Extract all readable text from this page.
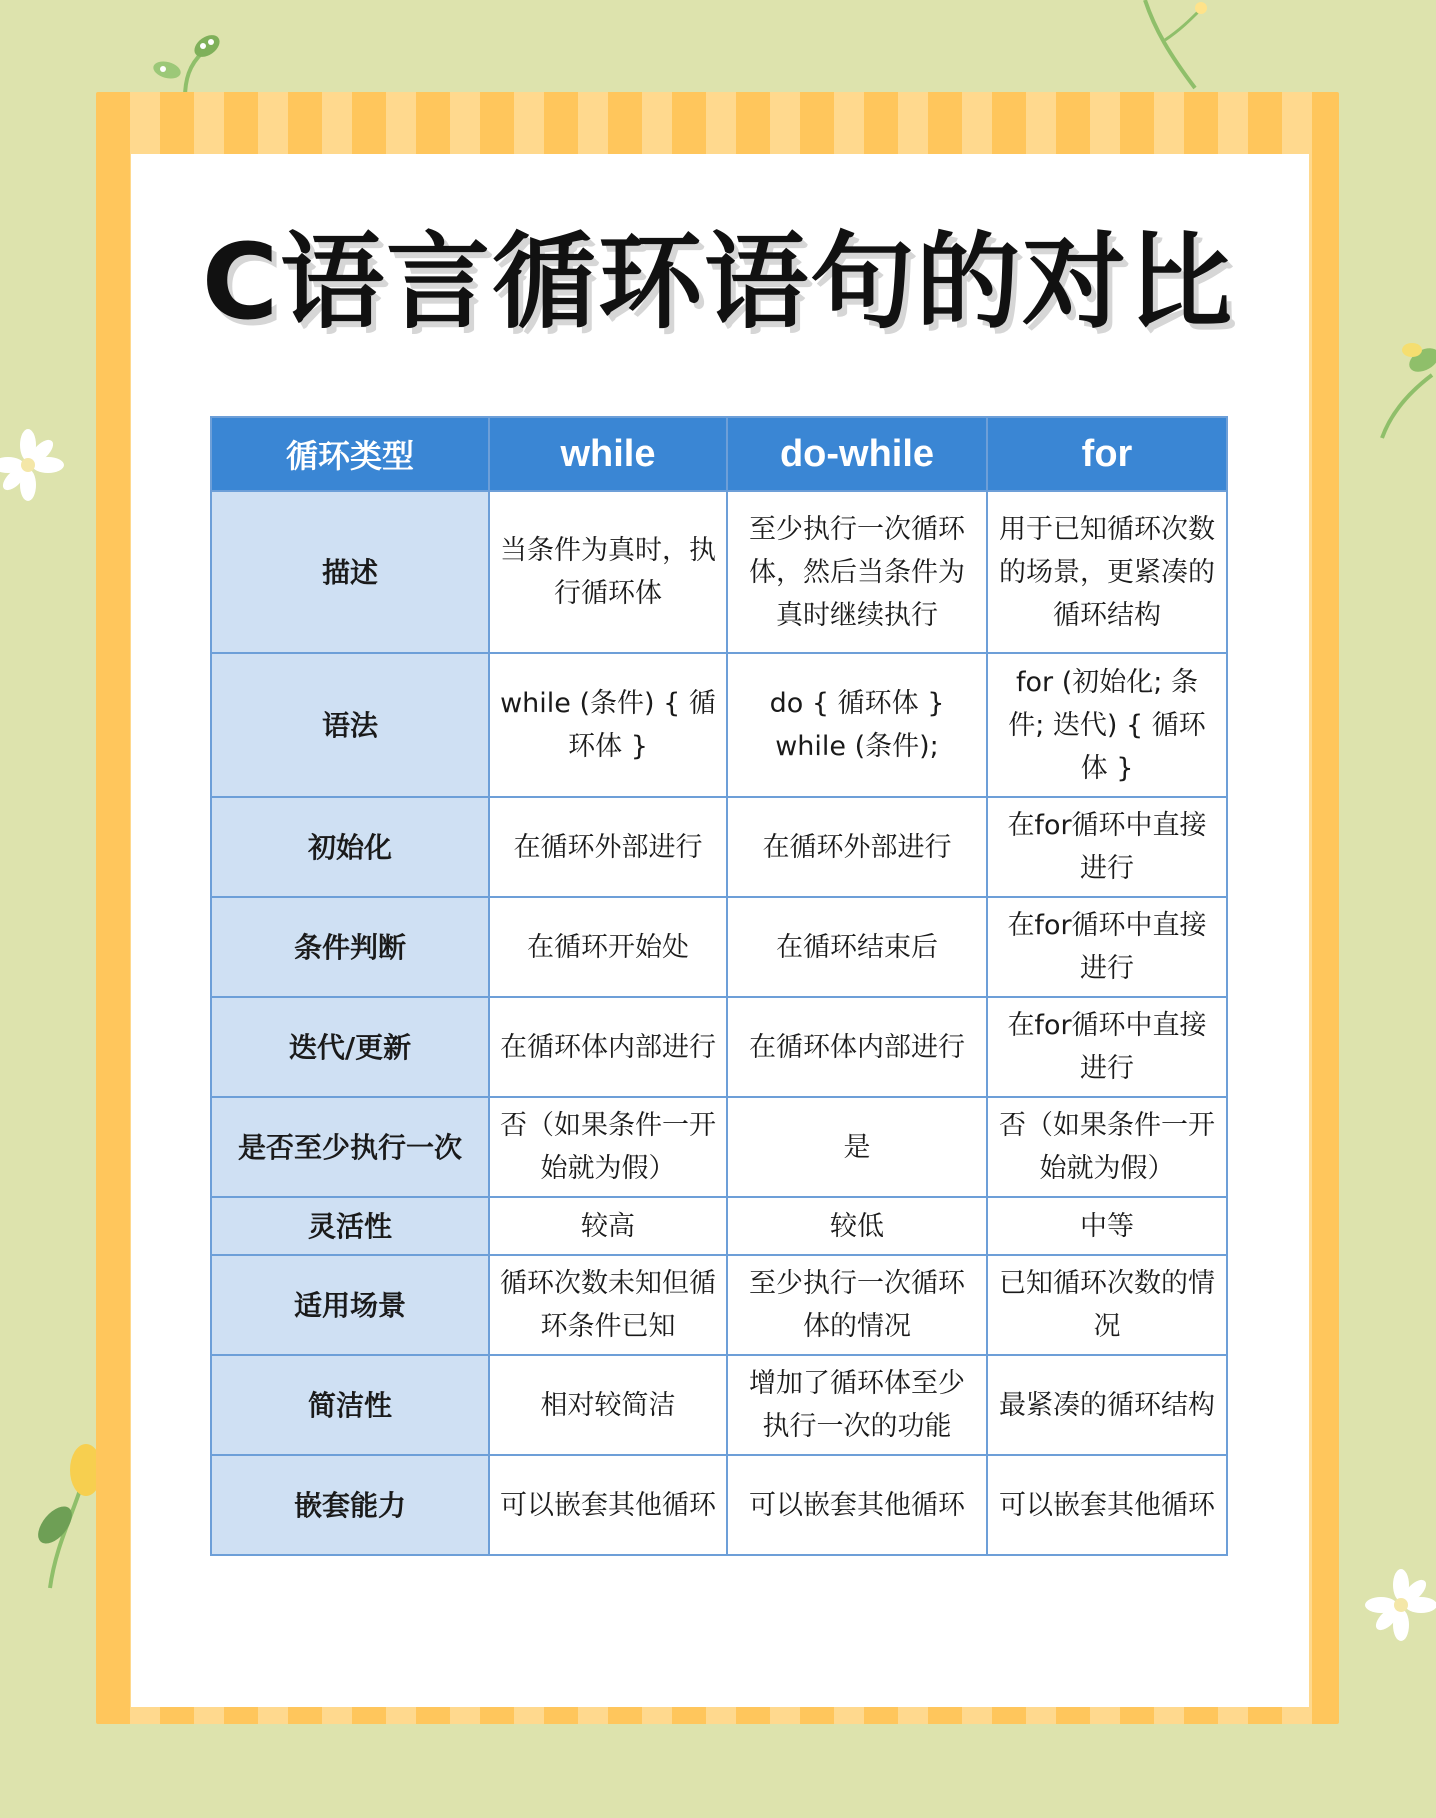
C语言循环语句的对比
循环类型	while	do-while	for
描述	当条件为真时，执行循环体	至少执行一次循环体，然后当条件为真时继续执行	用于已知循环次数的场景，更紧凑的循环结构
语法	while (条件) { 循环体 }	do { 循环体 } while (条件);	for (初始化; 条件; 迭代) { 循环体 }
初始化	在循环外部进行	在循环外部进行	在for循环中直接进行
条件判断	在循环开始处	在循环结束后	在for循环中直接进行
迭代/更新	在循环体内部进行	在循环体内部进行	在for循环中直接进行
是否至少执行一次	否（如果条件一开始就为假）	是	否（如果条件一开始就为假）
灵活性	较高	较低	中等
适用场景	循环次数未知但循环条件已知	至少执行一次循环体的情况	已知循环次数的情况
简洁性	相对较简洁	增加了循环体至少执行一次的功能	最紧凑的循环结构
嵌套能力	可以嵌套其他循环	可以嵌套其他循环	可以嵌套其他循环
